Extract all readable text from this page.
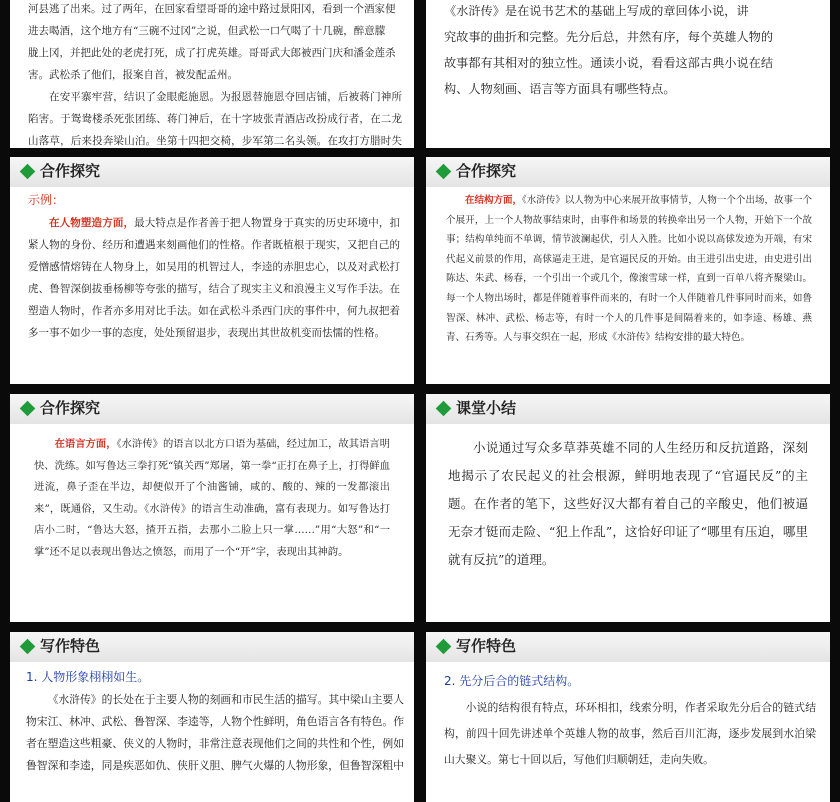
河县逃了出来。过了两年，在回家看望哥哥的途中路过景阳冈，看到一个酒家便
进去喝酒，这个地方有“三碗不过冈”之说，但武松一口气喝了十几碗，醉意朦
胧上冈，并把此处的老虎打死，成了打虎英雄。哥哥武大郎被西门庆和潘金莲杀
害。武松杀了他们，报案自首，被发配孟州。
在安平寨牢营，结识了金眼彪施恩。为报恩替施恩夺回店铺，后被蒋门神所陷害。于鸳鸯楼杀死张团练、蒋门神后，在十字坡张青酒店改扮成行者，在二龙山落草，后来投奔梁山泊。坐第十四把交椅，步军第二名头领。在攻打方腊时失
《水浒传》是在说书艺术的基础上写成的章回体小说，讲
究故事的曲折和完整。先分后总，井然有序，每个英雄人物的
故事都有其相对的独立性。通读小说，看看这部古典小说在结
构、人物刻画、语言等方面具有哪些特点。
合作探究
示例：
在人物塑造方面，最大特点是作者善于把人物置身于真实的历史环境中，扣紧人物的身份、经历和遭遇来刻画他们的性格。作者既植根于现实，又把自己的爱憎感情熔铸在人物身上，如吴用的机智过人，李逵的赤胆忠心，以及对武松打虎、鲁智深倒拔垂杨柳等夸张的描写，结合了现实主义和浪漫主义写作手法。在塑造人物时，作者亦多用对比手法。如在武松斗杀西门庆的事件中，何九叔把着多一事不如少一事的态度，处处预留退步，表现出其世故机变而怯懦的性格。
合作探究
在结构方面，《水浒传》以人物为中心来展开故事情节，人物一个个出场，故事一个个展开，上一个人物故事结束时，由事件和场景的转换牵出另一个人物，开始下一个故事；结构单纯而不单调，情节波澜起伏，引人入胜。比如小说以高俅发迹为开端，有宋代起义前景的作用，高俅逼走王进，是官逼民反的开始。由王进引出史进，由史进引出陈达、朱武、杨春，一个引出一个或几个，像滚雪球一样，直到一百单八将齐聚梁山。每一个人物出场时，都是伴随着事件而来的，有时一个人伴随着几件事同时而来，如鲁智深、林冲、武松、杨志等，有时一个人的几件事是间隔着来的，如李逵、杨雄、燕青、石秀等。人与事交织在一起，形成《水浒传》结构安排的最大特色。
合作探究
在语言方面，《水浒传》的语言以北方口语为基础，经过加工，故其语言明快、洗练。如写鲁达三拳打死“镇关西”郑屠，第一拳“正打在鼻子上，打得鲜血迸流，鼻子歪在半边，却便似开了个油酱铺，咸的、酸的、辣的一发都滚出来”，既通俗，又生动。《水浒传》的语言生动准确，富有表现力。如写鲁达打店小二时，“鲁达大怒，揸开五指，去那小二脸上只一掌……”用“大怒”和“一掌”还不足以表现出鲁达之愤怒，而用了一个“开”字，表现出其神韵。
课堂小结
小说通过写众多草莽英雄不同的人生经历和反抗道路，深刻地揭示了农民起义的社会根源，鲜明地表现了“官逼民反”的主题。在作者的笔下，这些好汉大都有着自己的辛酸史，他们被逼无奈才铤而走险、“犯上作乱”，这恰好印证了“哪里有压迫，哪里就有反抗”的道理。
写作特色
1. 人物形象栩栩如生。
《水浒传》的长处在于主要人物的刻画和市民生活的描写。其中梁山主要人物宋江、林冲、武松、鲁智深、李逵等，人物个性鲜明，角色语言各有特色。作者在塑造这些粗豪、侠义的人物时，非常注意表现他们之间的共性和个性，例如鲁智深和李逵，同是疾恶如仇、侠肝义胆、脾气火爆的人物形象，但鲁智深粗中
写作特色
2. 先分后合的链式结构。
小说的结构很有特点，环环相扣，线索分明，作者采取先分后合的链式结构，前四十回先讲述单个英雄人物的故事，然后百川汇海，逐步发展到水泊梁山大聚义。第七十回以后，写他们归顺朝廷，走向失败。
